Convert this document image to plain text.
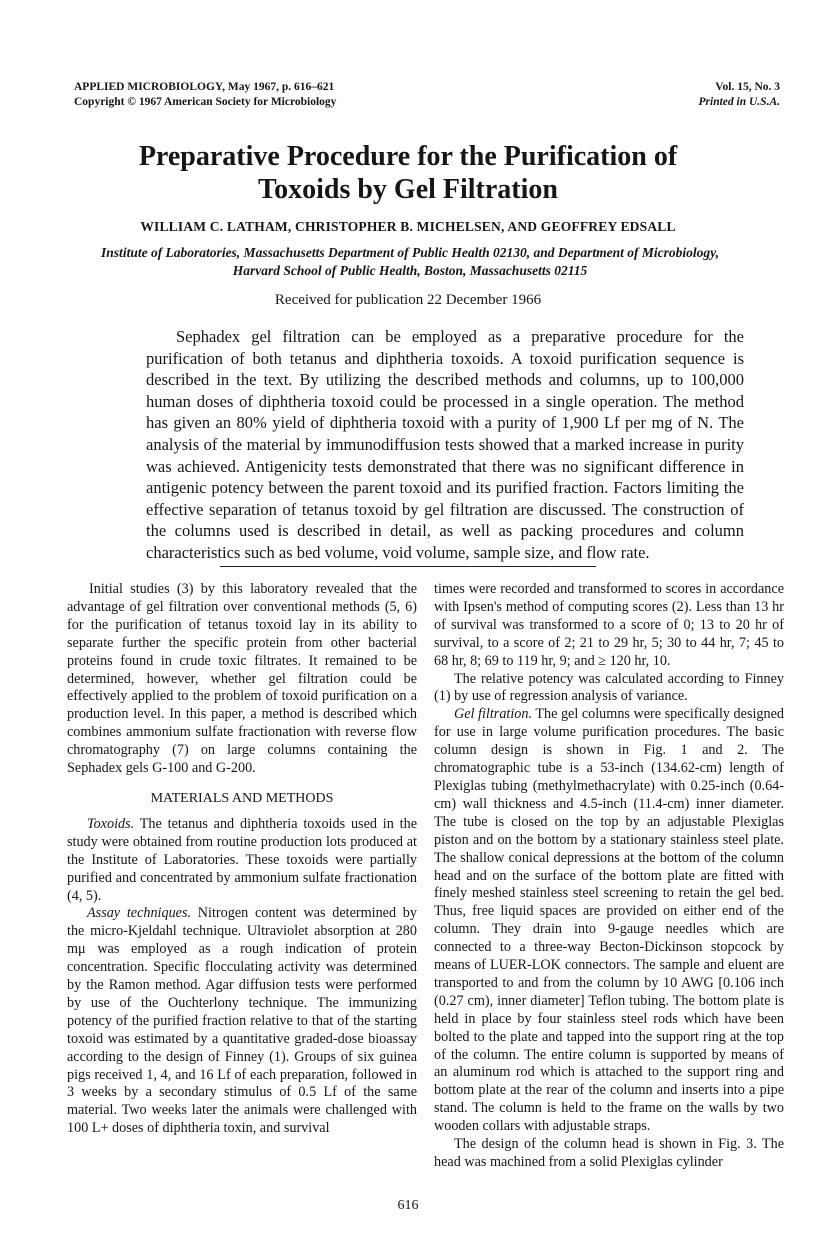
APPLIED MICROBIOLOGY, May 1967, p. 616–621
Copyright © 1967 American Society for Microbiology
Vol. 15, No. 3
Printed in U.S.A.
Preparative Procedure for the Purification of
Toxoids by Gel Filtration
WILLIAM C. LATHAM, CHRISTOPHER B. MICHELSEN, AND GEOFFREY EDSALL
Institute of Laboratories, Massachusetts Department of Public Health 02130, and Department of Microbiology,
Harvard School of Public Health, Boston, Massachusetts 02115
Received for publication 22 December 1966

Sephadex gel filtration can be employed as a preparative procedure for the purification of both tetanus and diphtheria toxoids. A toxoid purification sequence is described in the text. By utilizing the described methods and columns, up to 100,000 human doses of diphtheria toxoid could be processed in a single operation. The method has given an 80% yield of diphtheria toxoid with a purity of 1,900 Lf per mg of N. The analysis of the material by immunodiffusion tests showed that a marked increase in purity was achieved. Antigenicity tests demonstrated that there was no significant difference in antigenic potency between the parent toxoid and its purified fraction. Factors limiting the effective separation of tetanus toxoid by gel filtration are discussed. The construction of the columns used is described in detail, as well as packing procedures and column characteristics such as bed volume, void volume, sample size, and flow rate.

Initial studies (3) by this laboratory revealed that the advantage of gel filtration over conventional methods (5, 6) for the purification of tetanus toxoid lay in its ability to separate further the specific protein from other bacterial proteins found in crude toxic filtrates. It remained to be determined, however, whether gel filtration could be effectively applied to the problem of toxoid purification on a production level. In this paper, a method is described which combines ammonium sulfate fractionation with reverse flow chromatography (7) on large columns containing the Sephadex gels G-100 and G-200.

MATERIALS AND METHODS

Toxoids. The tetanus and diphtheria toxoids used in the study were obtained from routine production lots produced at the Institute of Laboratories. These toxoids were partially purified and concentrated by ammonium sulfate fractionation (4, 5).

Assay techniques. Nitrogen content was determined by the micro-Kjeldahl technique. Ultraviolet absorption at 280 mμ was employed as a rough indication of protein concentration. Specific flocculating activity was determined by the Ramon method. Agar diffusion tests were performed by use of the Ouchterlony technique. The immunizing potency of the purified fraction relative to that of the starting toxoid was estimated by a quantitative graded-dose bioassay according to the design of Finney (1). Groups of six guinea pigs received 1, 4, and 16 Lf of each preparation, followed in 3 weeks by a secondary stimulus of 0.5 Lf of the same material. Two weeks later the animals were challenged with 100 L+ doses of diphtheria toxin, and survival

times were recorded and transformed to scores in accordance with Ipsen's method of computing scores (2). Less than 13 hr of survival was transformed to a score of 0; 13 to 20 hr of survival, to a score of 2; 21 to 29 hr, 5; 30 to 44 hr, 7; 45 to 68 hr, 8; 69 to 119 hr, 9; and ≥ 120 hr, 10.

The relative potency was calculated according to Finney (1) by use of regression analysis of variance.

Gel filtration. The gel columns were specifically designed for use in large volume purification procedures. The basic column design is shown in Fig. 1 and 2. The chromatographic tube is a 53-inch (134.62-cm) length of Plexiglas tubing (methylmethacrylate) with 0.25-inch (0.64-cm) wall thickness and 4.5-inch (11.4-cm) inner diameter. The tube is closed on the top by an adjustable Plexiglas piston and on the bottom by a stationary stainless steel plate. The shallow conical depressions at the bottom of the column head and on the surface of the bottom plate are fitted with finely meshed stainless steel screening to retain the gel bed. Thus, free liquid spaces are provided on either end of the column. They drain into 9-gauge needles which are connected to a three-way Becton-Dickinson stopcock by means of LUER-LOK connectors. The sample and eluent are transported to and from the column by 10 AWG [0.106 inch (0.27 cm), inner diameter] Teflon tubing. The bottom plate is held in place by four stainless steel rods which have been bolted to the plate and tapped into the support ring at the top of the column. The entire column is supported by means of an aluminum rod which is attached to the support ring and bottom plate at the rear of the column and inserts into a pipe stand. The column is held to the frame on the walls by two wooden collars with adjustable straps.

The design of the column head is shown in Fig. 3. The head was machined from a solid Plexiglas cylinder

616
